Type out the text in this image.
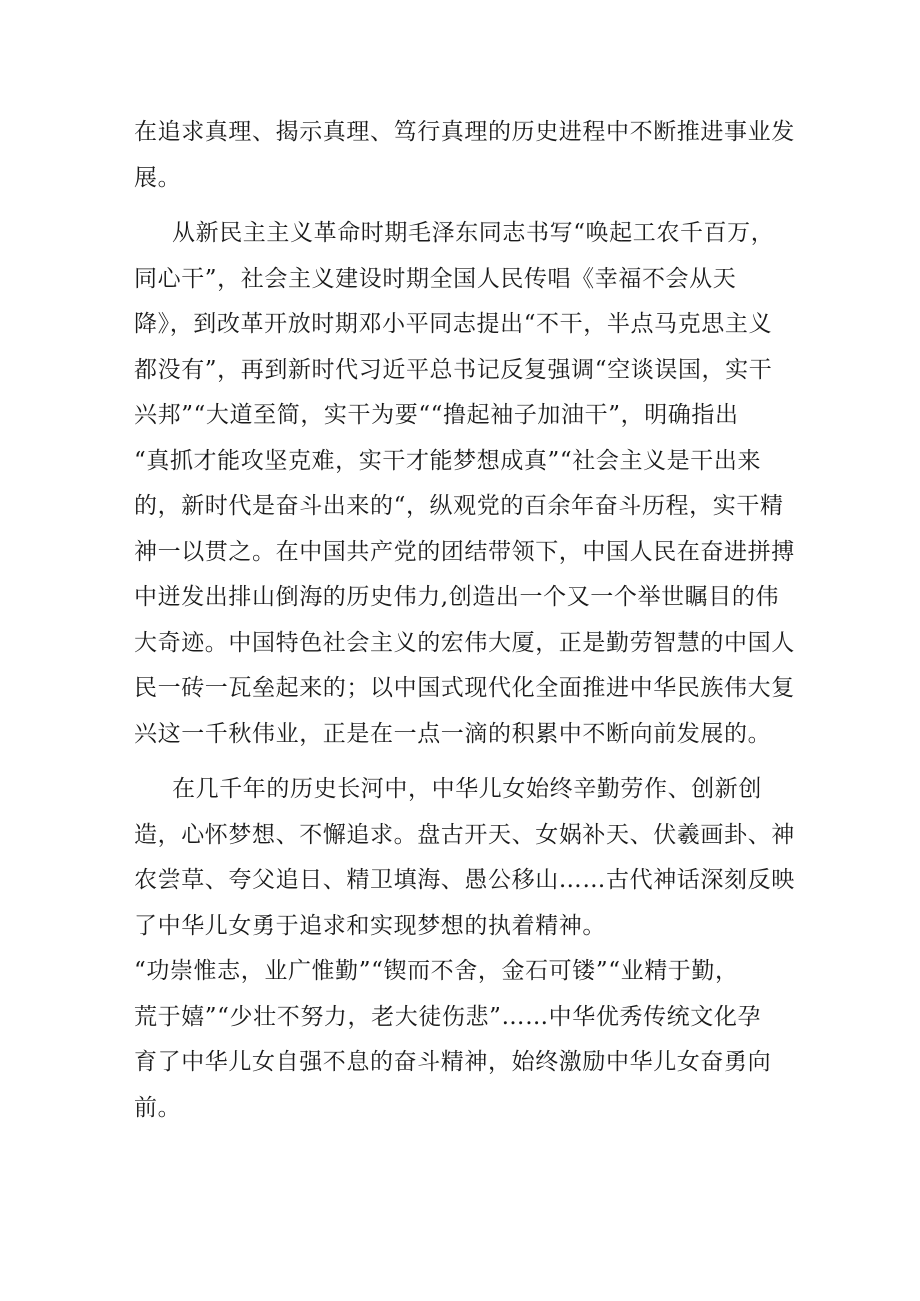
在追求真理、揭示真理、笃行真理的历史进程中不断推进事业发
展。
从新民主主义革命时期毛泽东同志书写“唤起工农千百万，
同心干”，社会主义建设时期全国人民传唱《幸福不会从天
降》，到改革开放时期邓小平同志提出“不干，半点马克思主义
都没有”，再到新时代习近平总书记反复强调“空谈误国，实干
兴邦”“大道至简，实干为要““撸起袖子加油干”，明确指出
“真抓才能攻坚克难，实干才能梦想成真”“社会主义是干出来
的，新时代是奋斗出来的“，纵观党的百余年奋斗历程，实干精
神一以贯之。在中国共产党的团结带领下，中国人民在奋进拼搏
中迸发出排山倒海的历史伟力,创造出一个又一个举世瞩目的伟
大奇迹。中国特色社会主义的宏伟大厦，正是勤劳智慧的中国人
民一砖一瓦垒起来的；以中国式现代化全面推进中华民族伟大复
兴这一千秋伟业，正是在一点一滴的积累中不断向前发展的。
在几千年的历史长河中，中华儿女始终辛勤劳作、创新创
造，心怀梦想、不懈追求。盘古开天、女娲补天、伏羲画卦、神
农尝草、夸父追日、精卫填海、愚公移山……古代神话深刻反映
了中华儿女勇于追求和实现梦想的执着精神。
“功崇惟志，业广惟勤”“锲而不舍，金石可镂”“业精于勤，
荒于嬉”“少壮不努力，老大徒伤悲”……中华优秀传统文化孕
育了中华儿女自强不息的奋斗精神，始终激励中华儿女奋勇向
前。
